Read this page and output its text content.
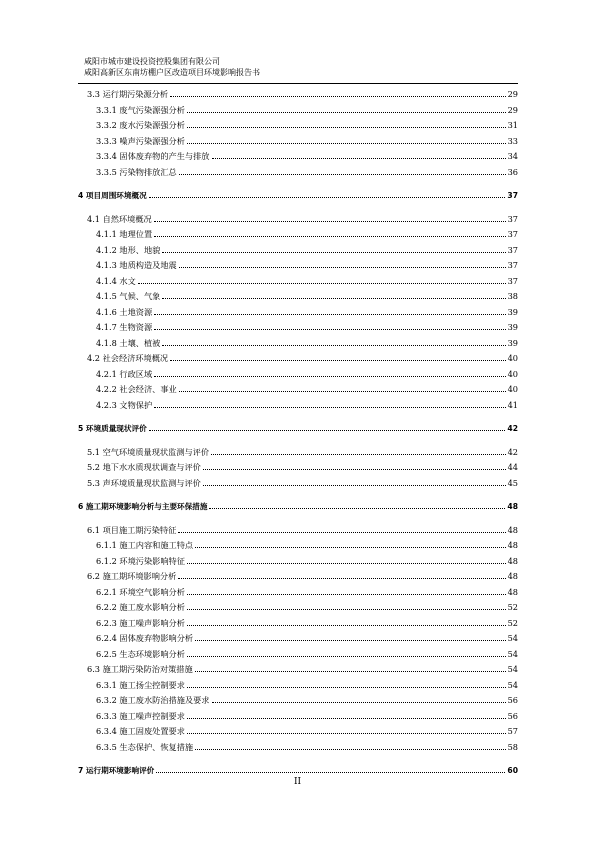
咸阳市城市建设投资控股集团有限公司
咸阳高新区东南坊棚户区改造项目环境影响报告书
3.3 运行期污染源分析	29
3.3.1 废气污染源强分析	29
3.3.2 废水污染源强分析	31
3.3.3 噪声污染源强分析	33
3.3.4 固体废弃物的产生与排放	34
3.3.5 污染物排放汇总	36
4 项目周围环境概况	37
4.1 自然环境概况	37
4.1.1 地理位置	37
4.1.2 地形、地貌	37
4.1.3 地质构造及地震	37
4.1.4 水文	37
4.1.5 气候、气象	38
4.1.6 土地资源	39
4.1.7 生物资源	39
4.1.8 土壤、植被	39
4.2 社会经济环境概况	40
4.2.1 行政区域	40
4.2.2 社会经济、事业	40
4.2.3 文物保护	41
5 环境质量现状评价	42
5.1 空气环境质量现状监测与评价	42
5.2 地下水水质现状调查与评价	44
5.3 声环境质量现状监测与评价	45
6 施工期环境影响分析与主要环保措施	48
6.1 项目施工期污染特征	48
6.1.1 施工内容和施工特点	48
6.1.2 环境污染影响特征	48
6.2 施工期环境影响分析	48
6.2.1 环境空气影响分析	48
6.2.2 施工废水影响分析	52
6.2.3 施工噪声影响分析	52
6.2.4 固体废弃物影响分析	54
6.2.5 生态环境影响分析	54
6.3 施工期污染防治对策措施	54
6.3.1 施工扬尘控制要求	54
6.3.2 施工废水防治措施及要求	56
6.3.3 施工噪声控制要求	56
6.3.4 施工固废处置要求	57
6.3.5 生态保护、恢复措施	58
7 运行期环境影响评价	60
II
